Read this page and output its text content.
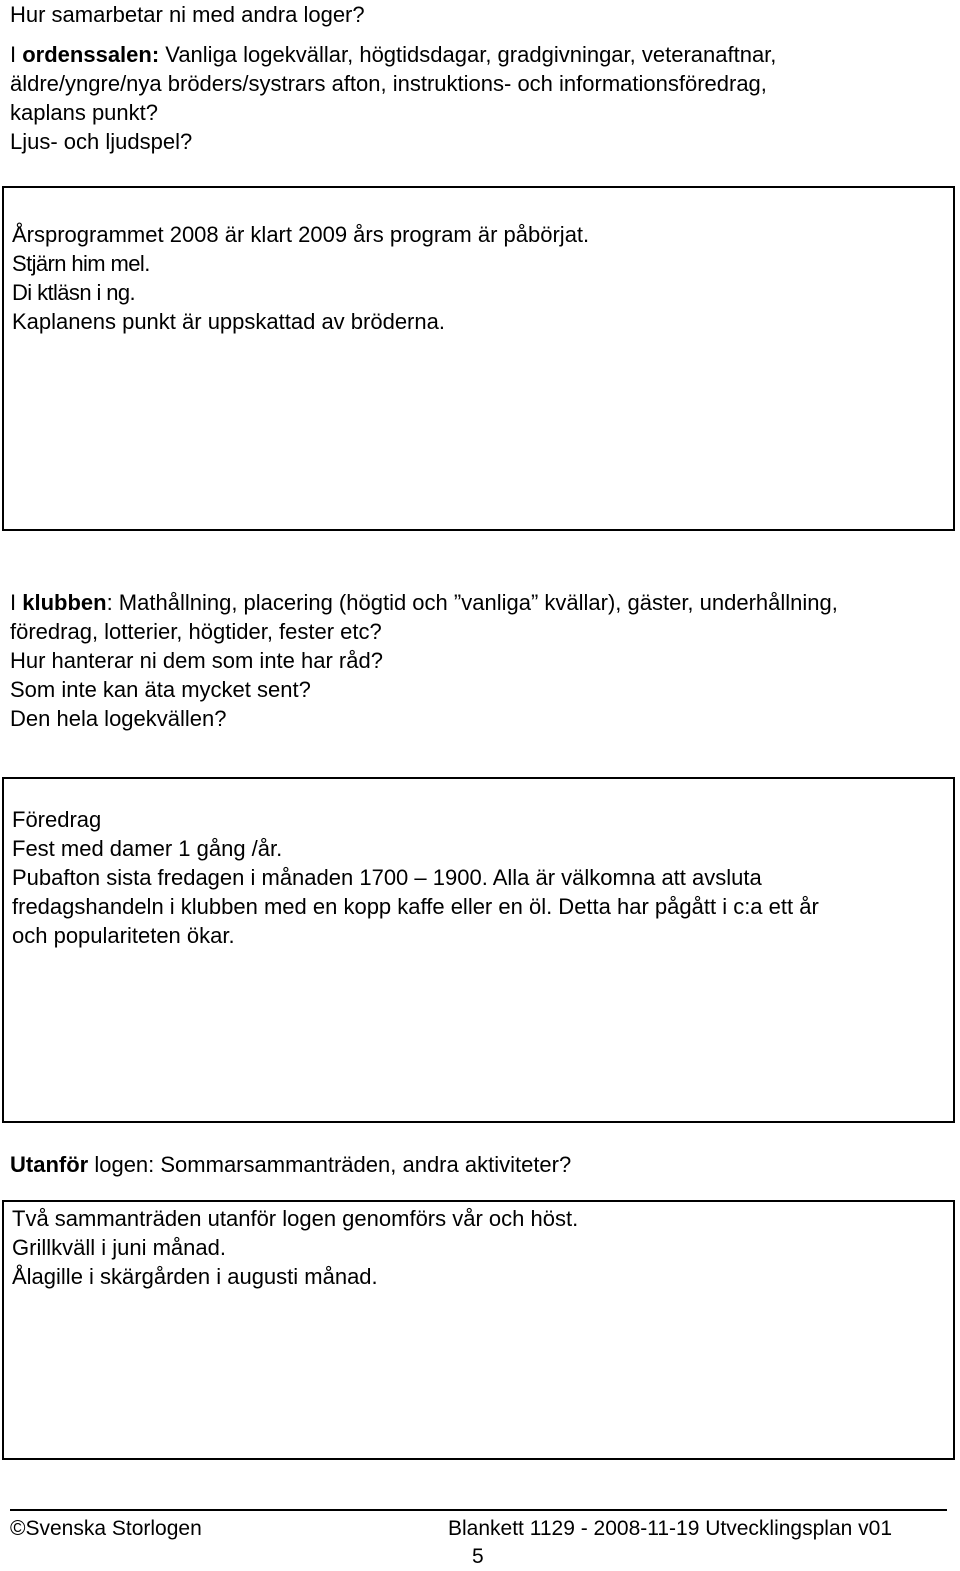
Hur samarbetar ni med andra loger?
I ordenssalen: Vanliga logekvällar, högtidsdagar, gradgivningar, veteranaftnar,
äldre/yngre/nya bröders/systrars afton, instruktions- och informationsföredrag,
kaplans punkt?
Ljus- och ljudspel?
Årsprogrammet 2008 är klart 2009 års program är påbörjat.
Stjärn him mel.
Di ktläsn i ng.
Kaplanens punkt är uppskattad av bröderna.
I klubben: Mathållning, placering (högtid och ”vanliga” kvällar), gäster, underhållning,
föredrag, lotterier, högtider, fester etc?
Hur hanterar ni dem som inte har råd?
Som inte kan äta mycket sent?
Den hela logekvällen?
Föredrag
Fest med damer 1 gång /år.
Pubafton sista fredagen i månaden 1700 – 1900. Alla är välkomna att avsluta
fredagshandeln i klubben med en kopp kaffe eller en öl. Detta har pågått i c:a ett år
och populariteten ökar.
Utanför logen: Sommarsammanträden, andra aktiviteter?
Två sammanträden utanför logen genomförs vår och höst.
Grillkväll i juni månad.
Ålagille i skärgården i augusti månad.
©Svenska Storlogen	Blankett 1129 - 2008-11-19 Utvecklingsplan v01
5
